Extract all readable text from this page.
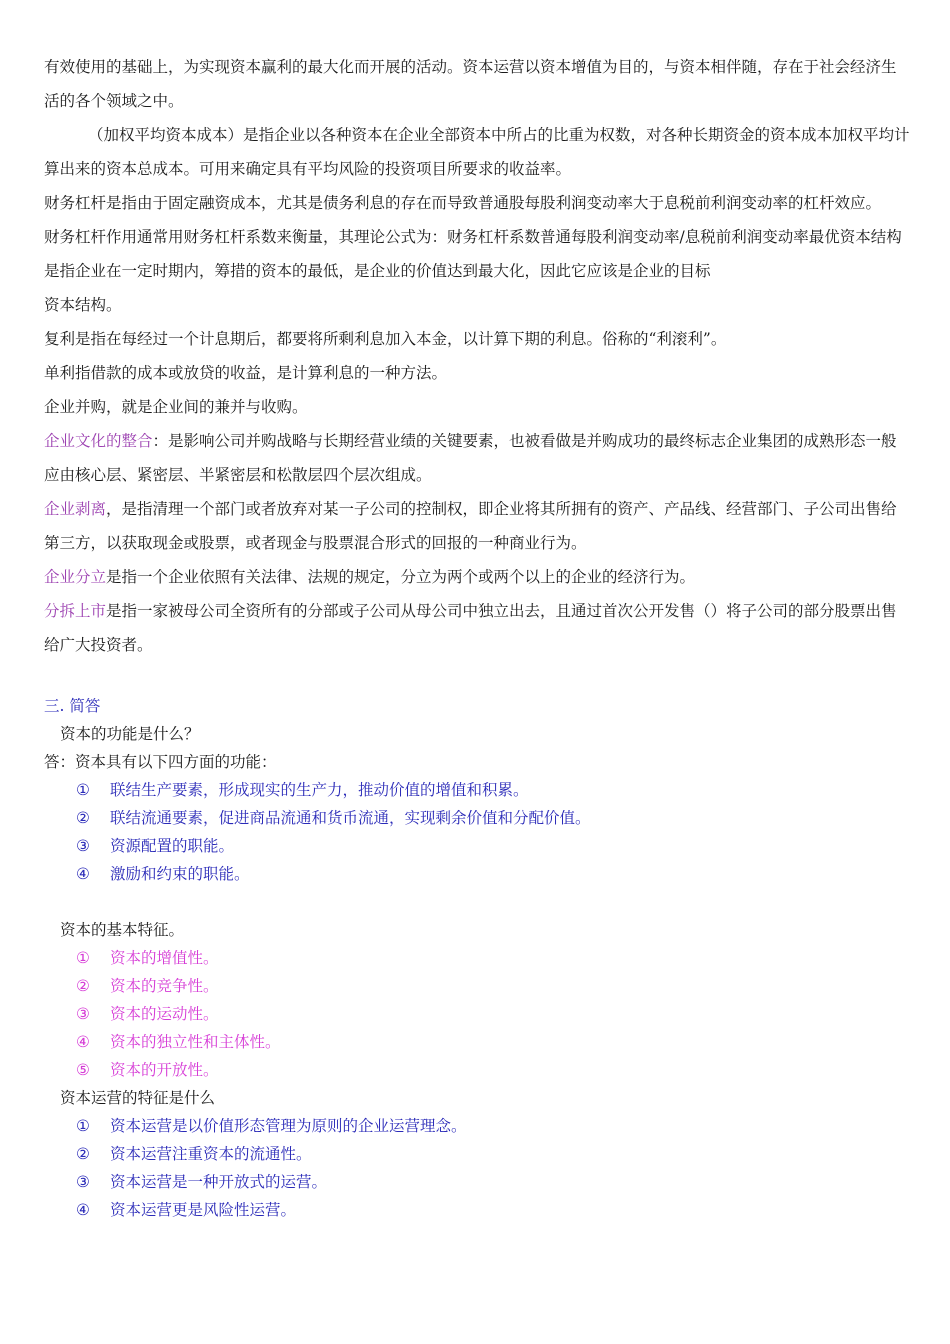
有效使用的基础上，为实现资本赢利的最大化而开展的活动。资本运营以资本增值为目的，与资本相伴随，存在于社会经济生活的各个领域之中。

（加权平均资本成本）是指企业以各种资本在企业全部资本中所占的比重为权数，对各种长期资金的资本成本加权平均计算出来的资本总成本。可用来确定具有平均风险的投资项目所要求的收益率。

财务杠杆是指由于固定融资成本，尤其是债务利息的存在而导致普通股每股利润变动率大于息税前利润变动率的杠杆效应。

财务杠杆作用通常用财务杠杆系数来衡量，其理论公式为：财务杠杆系数普通每股利润变动率/息税前利润变动率最优资本结构是指企业在一定时期内，筹措的资本的最低，是企业的价值达到最大化，因此它应该是企业的目标

资本结构。

复利是指在每经过一个计息期后，都要将所剩利息加入本金，以计算下期的利息。俗称的“利滚利”。

单利指借款的成本或放贷的收益，是计算利息的一种方法。

企业并购，就是企业间的兼并与收购。

企业文化的整合：是影响公司并购战略与长期经营业绩的关键要素，也被看做是并购成功的最终标志企业集团的成熟形态一般应由核心层、紧密层、半紧密层和松散层四个层次组成。

企业剥离，是指清理一个部门或者放弃对某一子公司的控制权，即企业将其所拥有的资产、产品线、经营部门、子公司出售给第三方，以获取现金或股票，或者现金与股票混合形式的回报的一种商业行为。

企业分立是指一个企业依照有关法律、法规的规定，分立为两个或两个以上的企业的经济行为。

分拆上市是指一家被母公司全资所有的分部或子公司从母公司中独立出去，且通过首次公开发售（）将子公司的部分股票出售给广大投资者。

三. 简答

资本的功能是什么？

答：资本具有以下四方面的功能：

① 联结生产要素，形成现实的生产力，推动价值的增值和积累。

② 联结流通要素，促进商品流通和货币流通，实现剩余价值和分配价值。

③ 资源配置的职能。

④ 激励和约束的职能。

资本的基本特征。

① 资本的增值性。

② 资本的竞争性。

③ 资本的运动性。

④ 资本的独立性和主体性。

⑤ 资本的开放性。

资本运营的特征是什么

① 资本运营是以价值形态管理为原则的企业运营理念。

② 资本运营注重资本的流通性。

③ 资本运营是一种开放式的运营。

④ 资本运营更是风险性运营。
